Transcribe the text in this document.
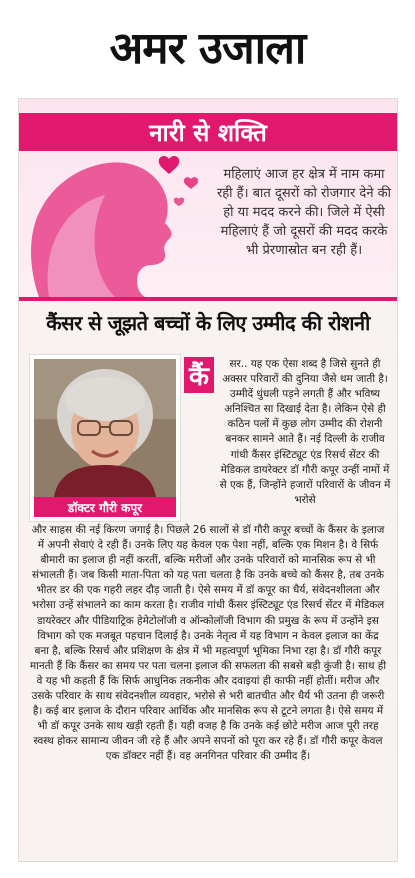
अमर उजाला
नारी से शक्ति
महिलाएं आज हर क्षेत्र में नाम कमा रही हैं। बात दूसरों को रोजगार देने की हो या मदद करने की। जिले में ऐसी महिलाएं हैं जो दूसरों की मदद करके भी प्रेरणास्रोत बन रही हैं।
कैंसर से जूझते बच्चों के लिए उम्मीद की रोशनी
डॉक्टर गौरी कपूर
कैं	सर.. यह एक ऐसा शब्द है जिसे सुनते ही अक्सर परिवारों की दुनिया जैसे थम जाती है। उम्मीदें धुंधली पड़ने लगती हैं और भविष्य अनिश्चित सा दिखाई देता है। लेकिन ऐसे ही कठिन पलों में कुछ लोग उम्मीद की रोशनी बनकर सामने आते हैं। नई दिल्ली के राजीव गांधी कैंसर इंस्टिट्यूट एंड रिसर्च सेंटर की मेडिकल डायरेक्टर डॉ गौरी कपूर उन्हीं नामों में से एक हैं, जिन्होंने हजारों परिवारों के जीवन में भरोसे
और साहस की नई किरण जगाई है। पिछले 26 सालों से डॉ गौरी कपूर बच्चों के कैंसर के इलाज में अपनी सेवाएं दे रही हैं। उनके लिए यह केवल एक पेशा नहीं, बल्कि एक मिशन है। वे सिर्फ बीमारी का इलाज ही नहीं करतीं, बल्कि मरीजों और उनके परिवारों को मानसिक रूप से भी संभालती हैं। जब किसी माता-पिता को यह पता चलता है कि उनके बच्चे को कैंसर है, तब उनके भीतर डर की एक गहरी लहर दौड़ जाती है। ऐसे समय में डॉ कपूर का धैर्य, संवेदनशीलता और भरोसा उन्हें संभालने का काम करता है। राजीव गांधी कैंसर इंस्टिट्यूट एंड रिसर्च सेंटर में मेडिकल डायरेक्टर और पीडियाट्रिक हेमेटोलॉजी व ऑन्कोलॉजी विभाग की प्रमुख के रूप में उन्होंने इस विभाग को एक मजबूत पहचान दिलाई है। उनके नेतृत्व में यह विभाग न केवल इलाज का केंद्र बना है, बल्कि रिसर्च और प्रशिक्षण के क्षेत्र में भी महत्वपूर्ण भूमिका निभा रहा है। डॉ गौरी कपूर मानती हैं कि कैंसर का समय पर पता चलना इलाज की सफलता की सबसे बड़ी कुंजी है। साथ ही वे यह भी कहती हैं कि सिर्फ आधुनिक तकनीक और दवाइयां ही काफी नहीं होतीं। मरीज और उसके परिवार के साथ संवेदनशील व्यवहार, भरोसे से भरी बातचीत और धैर्य भी उतना ही जरूरी है। कई बार इलाज के दौरान परिवार आर्थिक और मानसिक रूप से टूटने लगता है। ऐसे समय में भी डॉ कपूर उनके साथ खड़ी रहती हैं। यही वजह है कि उनके कई छोटे मरीज आज पूरी तरह स्वस्थ होकर सामान्य जीवन जी रहे हैं और अपने सपनों को पूरा कर रहे हैं। डॉ गौरी कपूर केवल एक डॉक्टर नहीं हैं। वह अनगिनत परिवार की उम्मीद हैं।
